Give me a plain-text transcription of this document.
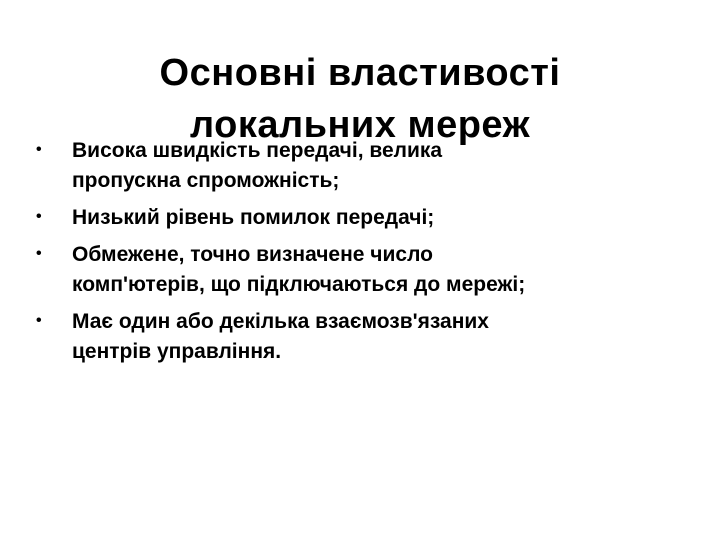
Основні властивості
локальних мереж
•	Висока швидкість передачі, велика
пропускна спроможність;
•	Низький рівень помилок передачі;
•	Обмежене, точно визначене число
комп'ютерів, що підключаються до мережі;
•	Має один або декілька взаємозв'язаних
центрів управління.
